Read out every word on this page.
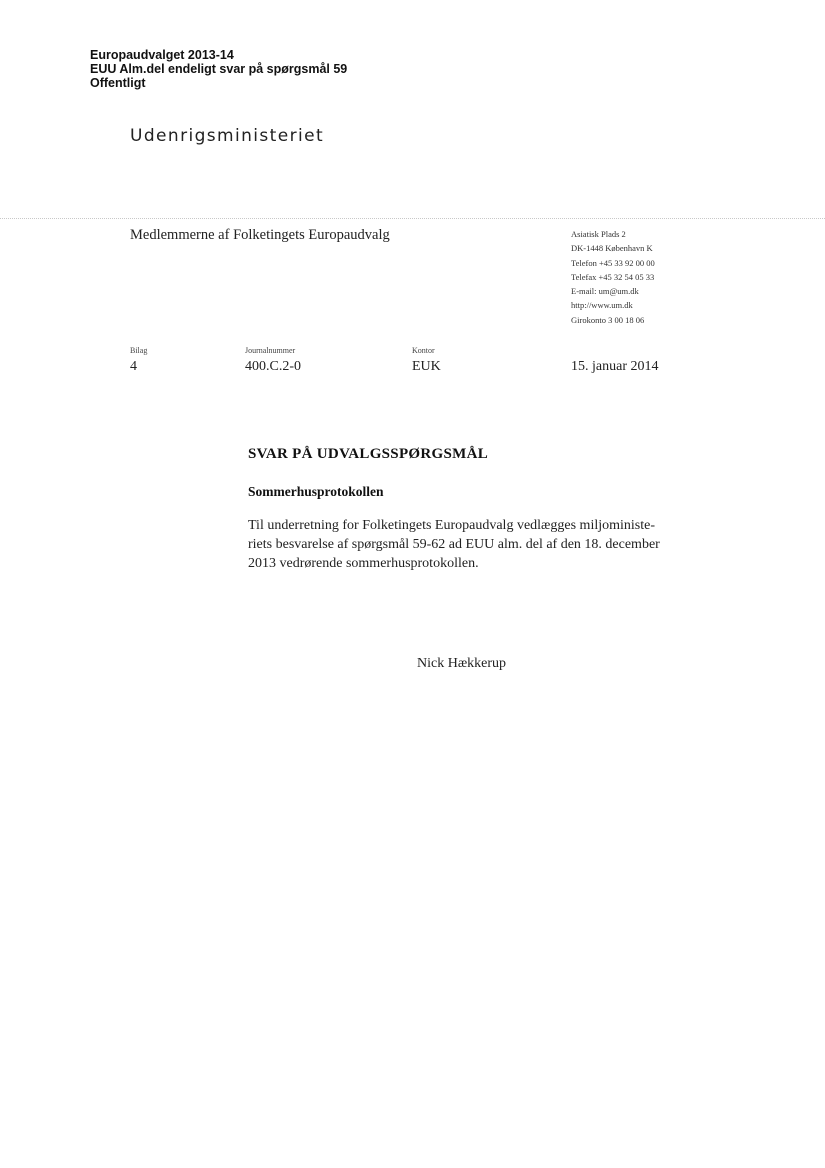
Europaudvalget 2013-14
EUU Alm.del endeligt svar på spørgsmål 59
Offentligt
Udenrigsministeriet
Medlemmerne af Folketingets Europaudvalg	Asiatisk Plads 2
DK-1448 København K
Telefon +45 33 92 00 00
Telefax +45 32 54 05 33
E-mail: um@um.dk
http://www.um.dk
Girokonto 3 00 18 06
Bilag
4
Journalnummer
400.C.2-0
Kontor
EUK	15. januar 2014
SVAR PÅ UDVALGSSPØRGSMÅL
Sommerhusprotokollen
Til underretning for Folketingets Europaudvalg vedlægges miljoministe-
riets besvarelse af spørgsmål 59-62 ad EUU alm. del af den 18. december
2013 vedrørende sommerhusprotokollen.
Nick Hækkerup
